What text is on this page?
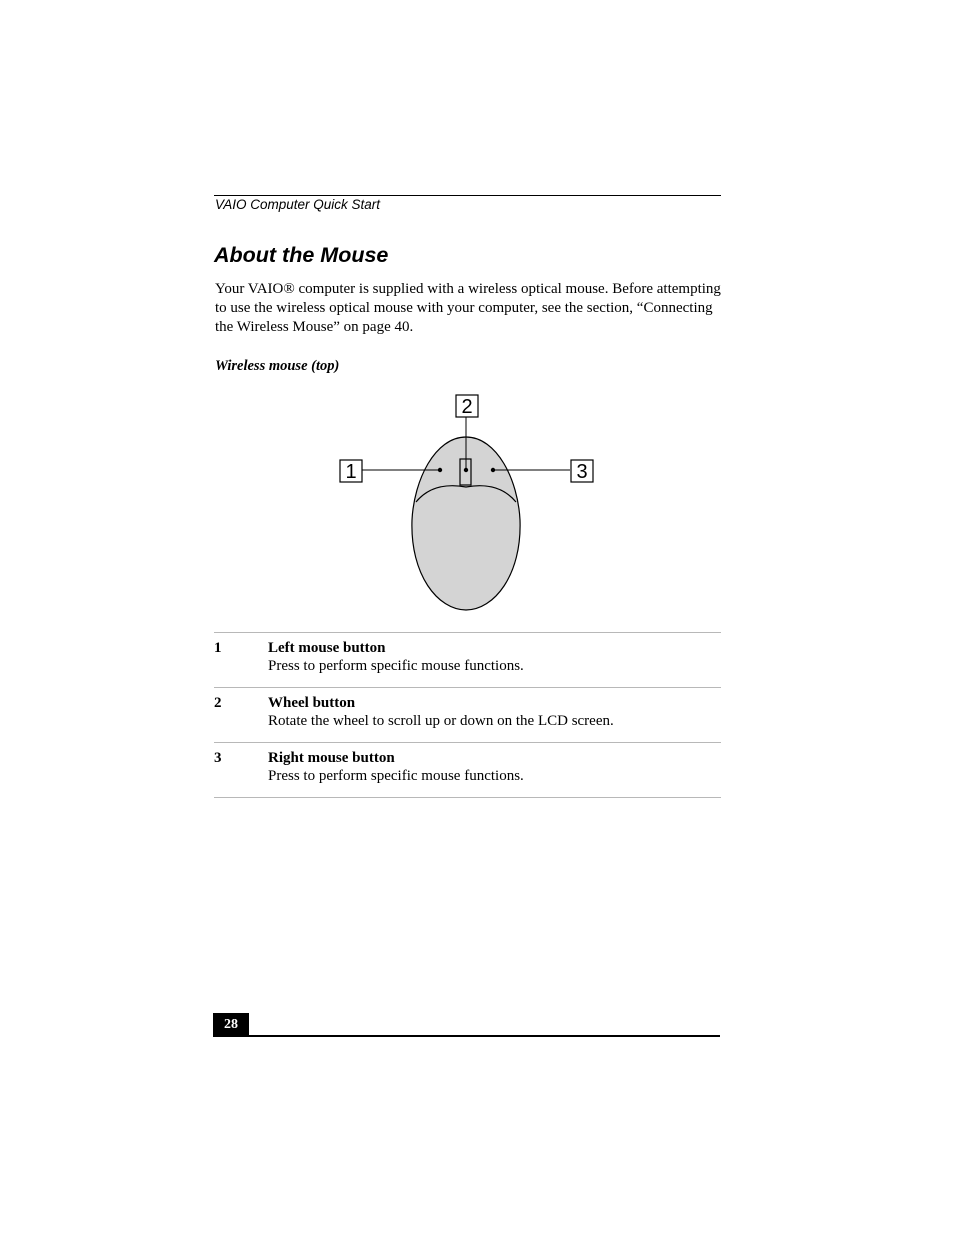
VAIO Computer Quick Start
About the Mouse

Your VAIO® computer is supplied with a wireless optical mouse. Before attempting to use the wireless optical mouse with your computer, see the section, “Connecting the Wireless Mouse” on page 40.

Wireless mouse (top)
1
2
3
1	Left mouse button
Press to perform specific mouse functions.
2	Wheel button
Rotate the wheel to scroll up or down on the LCD screen.
3	Right mouse button
Press to perform specific mouse functions.
28
